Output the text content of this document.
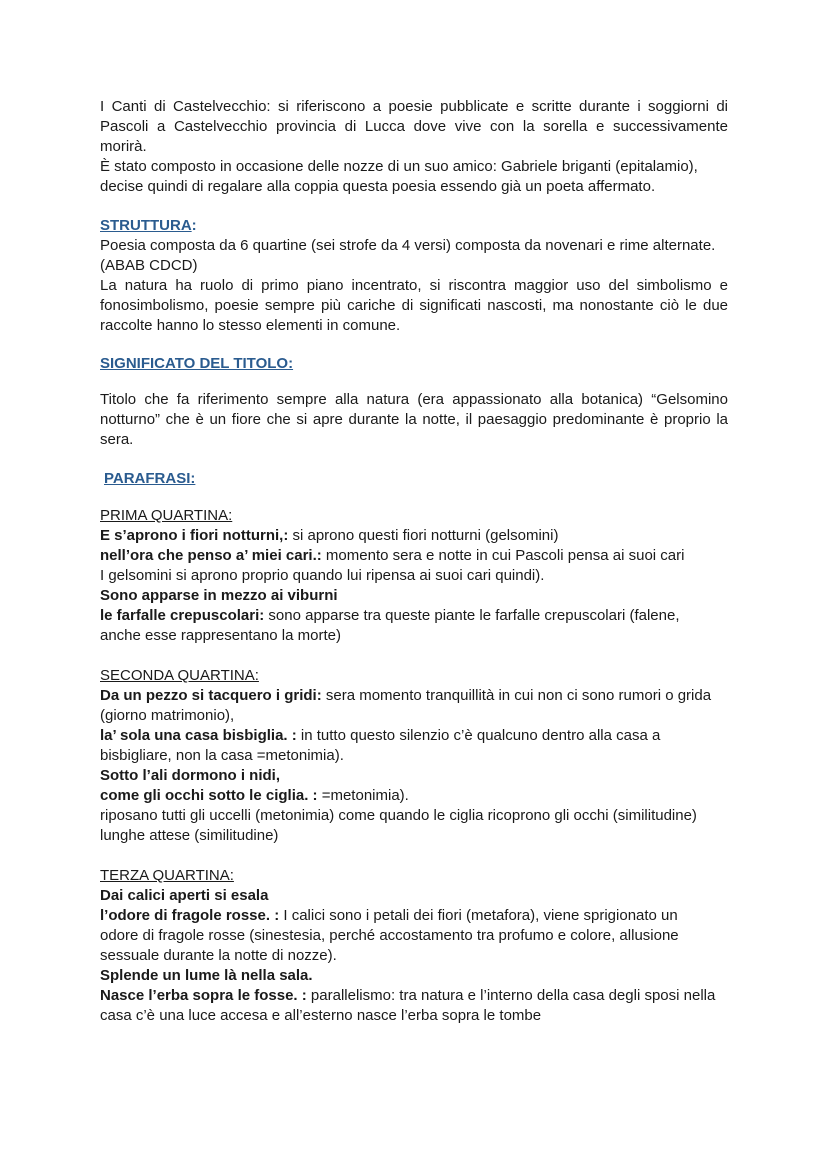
I Canti di Castelvecchio: si riferiscono a poesie pubblicate e scritte durante i soggiorni di
Pascoli a Castelvecchio provincia di Lucca dove vive con la sorella e successivamente
morirà.
È stato composto in occasione delle nozze di un suo amico: Gabriele briganti (epitalamio),
decise quindi di regalare alla coppia questa poesia essendo già un poeta affermato.
STRUTTURA:
Poesia composta da 6 quartine (sei strofe da 4 versi) composta da novenari e rime alternate.
(ABAB CDCD)
La natura ha ruolo di primo piano incentrato, si riscontra maggior uso del simbolismo e
fonosimbolismo, poesie sempre più cariche di significati nascosti, ma nonostante ciò le due
raccolte hanno lo stesso elementi in comune.
SIGNIFICATO DEL TITOLO:
Titolo che fa riferimento sempre alla natura (era appassionato alla botanica) “Gelsomino
notturno” che è un fiore che si apre durante la notte, il paesaggio predominante è proprio la
sera.
PARAFRASI:
PRIMA QUARTINA:
E s’aprono i fiori notturni,: si aprono questi fiori notturni (gelsomini)
nell’ora che penso a’ miei cari.: momento sera e notte in cui Pascoli pensa ai suoi cari
I gelsomini si aprono proprio quando lui ripensa ai suoi cari quindi).
Sono apparse in mezzo ai viburni
le farfalle crepuscolari: sono apparse tra queste piante le farfalle crepuscolari (falene,
anche esse rappresentano la morte)
SECONDA QUARTINA:
Da un pezzo si tacquero i gridi: sera momento tranquillità in cui non ci sono rumori o grida
(giorno matrimonio),
la’ sola una casa bisbiglia. : in tutto questo silenzio c’è qualcuno dentro alla casa a
bisbigliare, non la casa =metonimia).
Sotto l’ali dormono i nidi,
come gli occhi sotto le ciglia. : =metonimia).
riposano tutti gli uccelli (metonimia) come quando le ciglia ricoprono gli occhi (similitudine)
lunghe attese (similitudine)
TERZA QUARTINA:
Dai calici aperti si esala
l’odore di fragole rosse. : I calici sono i petali dei fiori (metafora), viene sprigionato un
odore di fragole rosse (sinestesia, perché accostamento tra profumo e colore, allusione
sessuale durante la notte di nozze).
Splende un lume là nella sala.
Nasce l’erba sopra le fosse. : parallelismo: tra natura e l’interno della casa degli sposi nella
casa c’è una luce accesa e all’esterno nasce l’erba sopra le tombe
